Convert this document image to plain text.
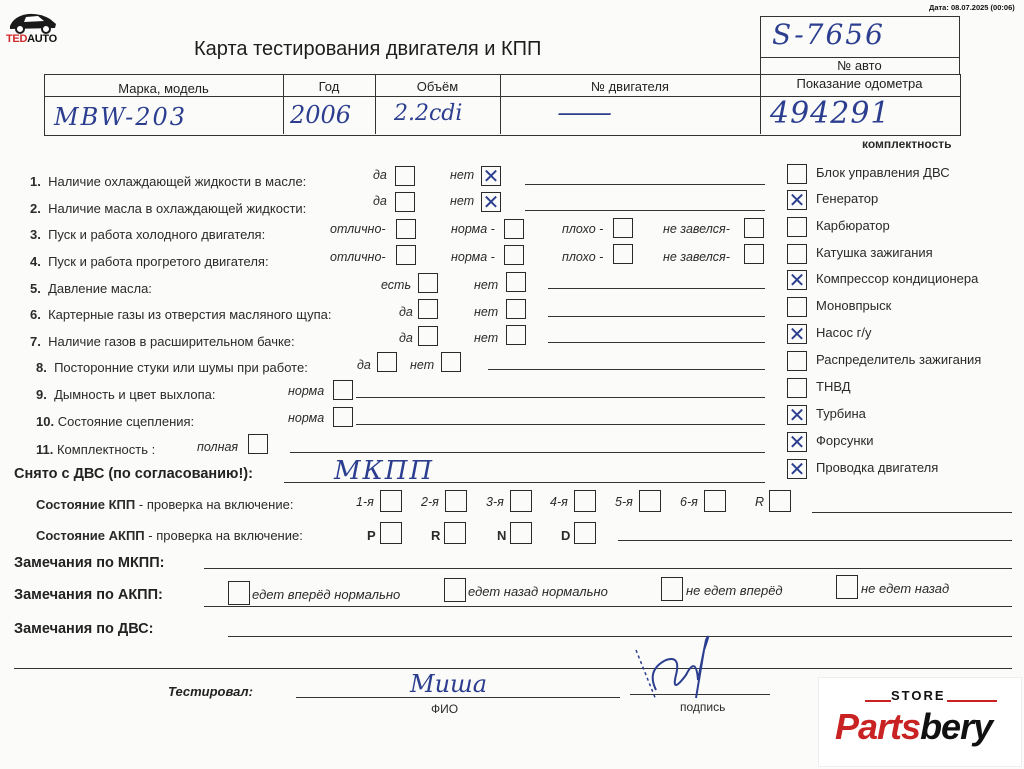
Дата: 08.07.2025 (00:06)
TEDAUTO	Карта тестирования двигателя и КПП	S-7656
№ авто
Марка, модель	Год	Объём	№ двигателя	Показание одометра
MBW-203	2006 2.2cdi	—	494291
комплектность
1. Наличие охлаждающей жидкости в масле:	да	нет ✕
2. Наличие масла в охлаждающей жидкости:	да	нет ✕
3. Пуск и работа холодного двигателя:	отлично-	норма -	плохо -	не завелся-
4. Пуск и работа прогретого двигателя:	отлично-	норма -	плохо -	не завелся-
5. Давление масла:	есть	нет
6. Картерные газы из отверстия масляного щупа:	да	нет
7. Наличие газов в расширительном бачке:	да	нет
8. Посторонние стуки или шумы при работе:	да	нет
9. Дымность и цвет выхлопа:	норма
10. Состояние сцепления:	норма
11. Комплектность :	полная
Снято с ДВС (по согласованию!):	МКПП
Блок управления ДВС
✕ Генератор
Карбюратор
Катушка зажигания
✕ Компрессор кондиционера
Моновпрыск
✕ Насос г/у
Распределитель зажигания
ТНВД
✕ Турбина
✕ Форсунки
✕ Проводка двигателя
Состояние КПП - проверка на включение:	1-я	2-я	3-я	4-я	5-я	6-я	R
Состояние АКПП - проверка на включение:	P	R	N	D
Замечания по МКПП:
Замечания по АКПП:	едет вперёд нормально	едет назад нормально	не едет вперёд	не едет назад
Замечания по ДВС:
Тестировал:	Миша
ФИО	подпись
STORE
Partsbery
